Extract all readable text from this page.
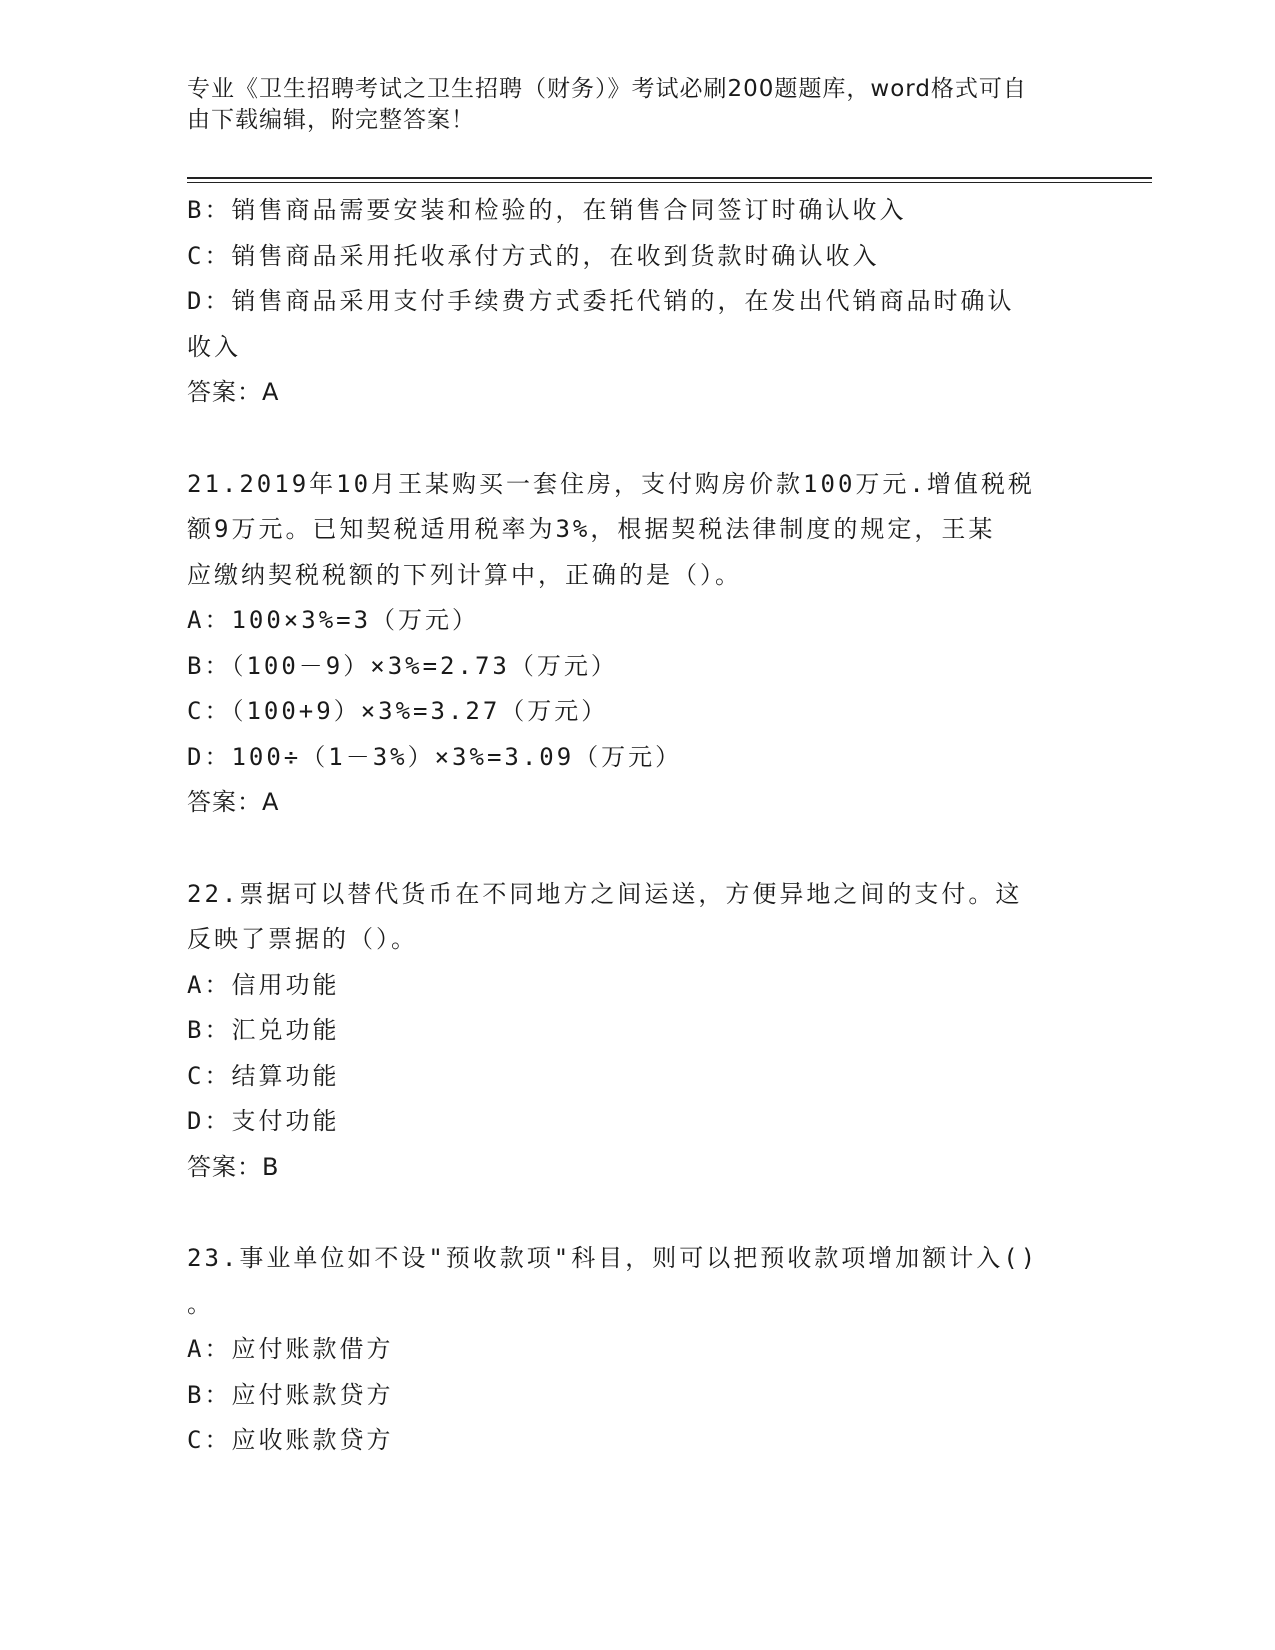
专业《卫生招聘考试之卫生招聘（财务）》考试必刷200题题库，word格式可自
由下载编辑，附完整答案！
B：销售商品需要安装和检验的，在销售合同签订时确认收入
C：销售商品采用托收承付方式的，在收到货款时确认收入
D：销售商品采用支付手续费方式委托代销的，在发出代销商品时确认
收入
答案：A
21.2019年10月王某购买一套住房，支付购房价款100万元.增值税税
额9万元。已知契税适用税率为3%，根据契税法律制度的规定，王某
应缴纳契税税额的下列计算中，正确的是（）。
A：100×3%=3（万元）
B：（100－9）×3%=2.73（万元）
C：（100+9）×3%=3.27（万元）
D：100÷（1－3%）×3%=3.09（万元）
答案：A
22.票据可以替代货币在不同地方之间运送，方便异地之间的支付。这
反映了票据的（）。
A：信用功能
B：汇兑功能
C：结算功能
D：支付功能
答案：B
23.事业单位如不设"预收款项"科目，则可以把预收款项增加额计入()
。
A：应付账款借方
B：应付账款贷方
C：应收账款贷方
